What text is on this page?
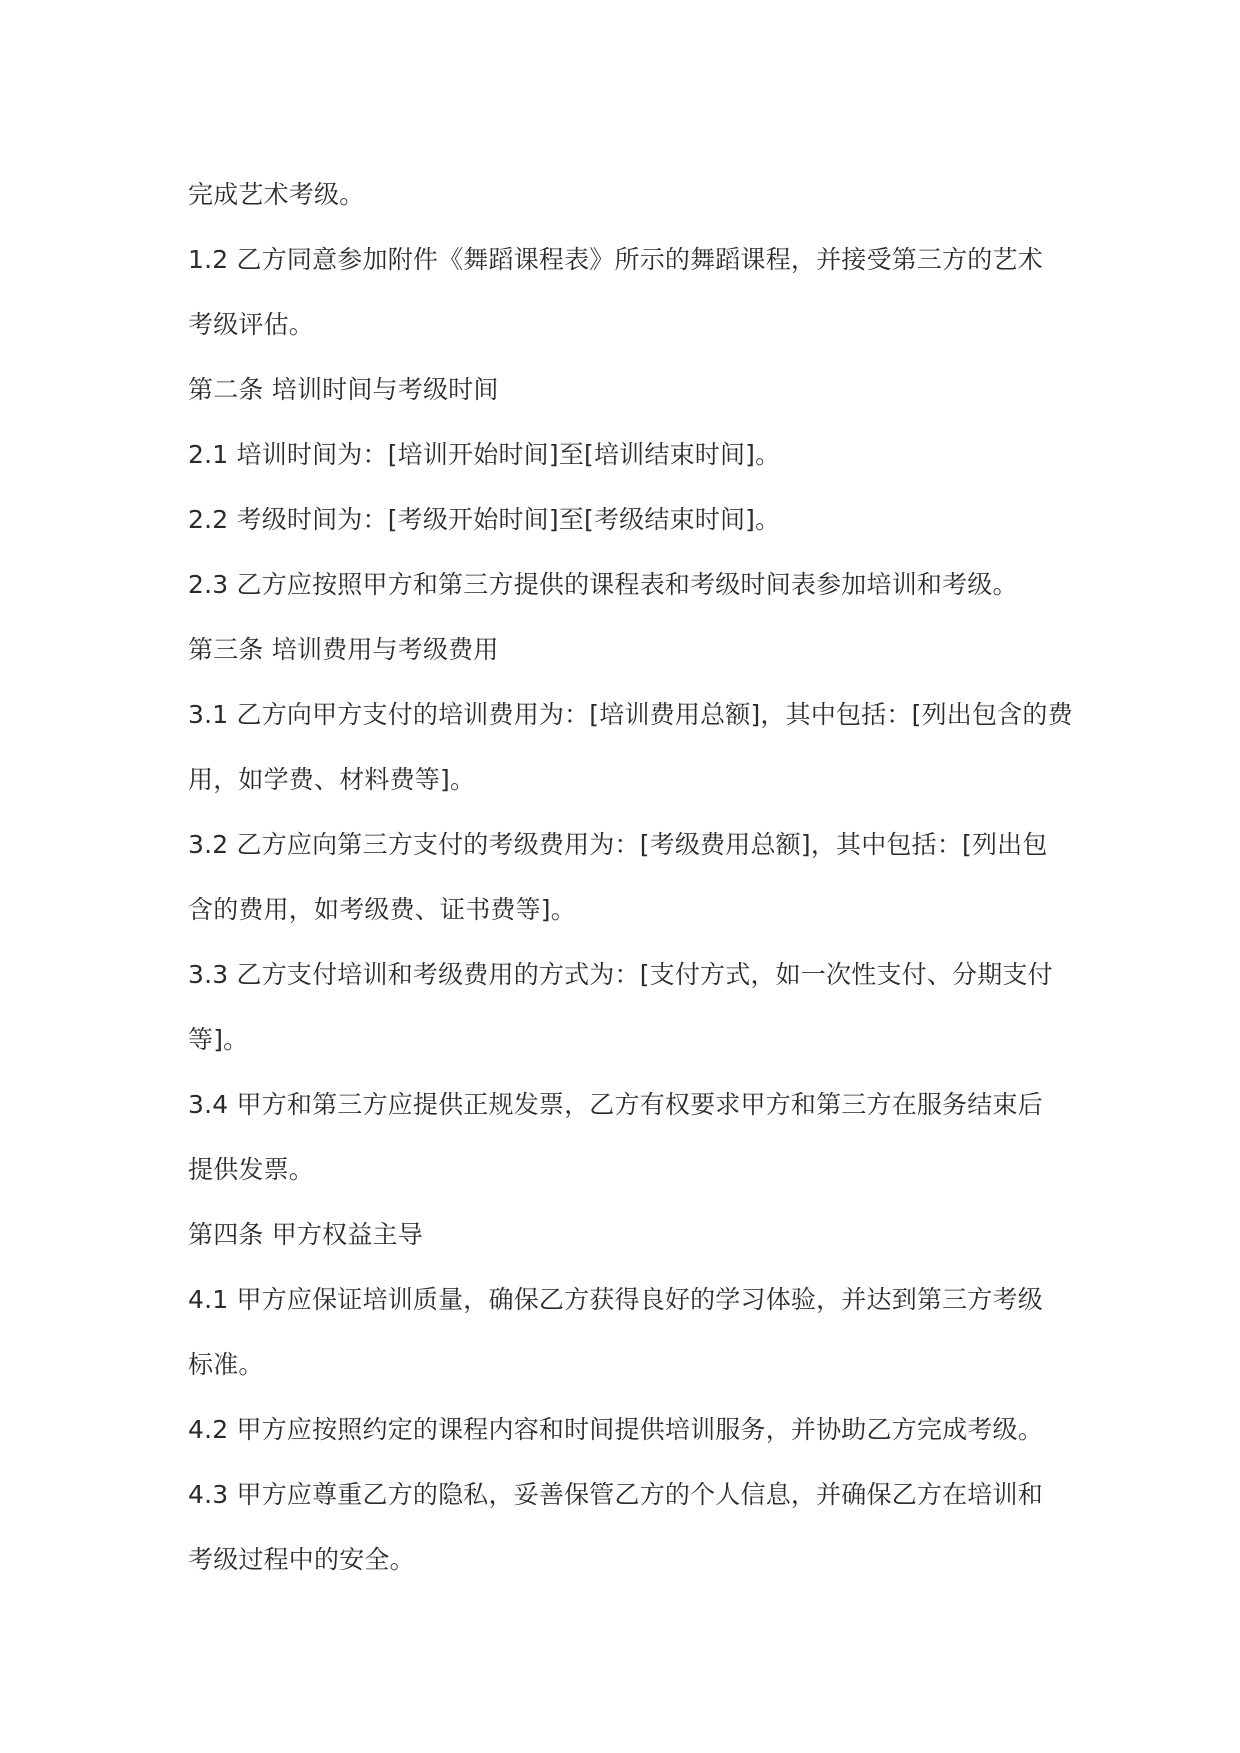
完成艺术考级。
1.2 乙方同意参加附件《舞蹈课程表》所示的舞蹈课程，并接受第三方的艺术
考级评估。
第二条 培训时间与考级时间
2.1 培训时间为：[培训开始时间]至[培训结束时间]。
2.2 考级时间为：[考级开始时间]至[考级结束时间]。
2.3 乙方应按照甲方和第三方提供的课程表和考级时间表参加培训和考级。
第三条 培训费用与考级费用
3.1 乙方向甲方支付的培训费用为：[培训费用总额]，其中包括：[列出包含的费
用，如学费、材料费等]。
3.2 乙方应向第三方支付的考级费用为：[考级费用总额]，其中包括：[列出包
含的费用，如考级费、证书费等]。
3.3 乙方支付培训和考级费用的方式为：[支付方式，如一次性支付、分期支付
等]。
3.4 甲方和第三方应提供正规发票，乙方有权要求甲方和第三方在服务结束后
提供发票。
第四条 甲方权益主导
4.1 甲方应保证培训质量，确保乙方获得良好的学习体验，并达到第三方考级
标准。
4.2 甲方应按照约定的课程内容和时间提供培训服务，并协助乙方完成考级。
4.3 甲方应尊重乙方的隐私，妥善保管乙方的个人信息，并确保乙方在培训和
考级过程中的安全。
